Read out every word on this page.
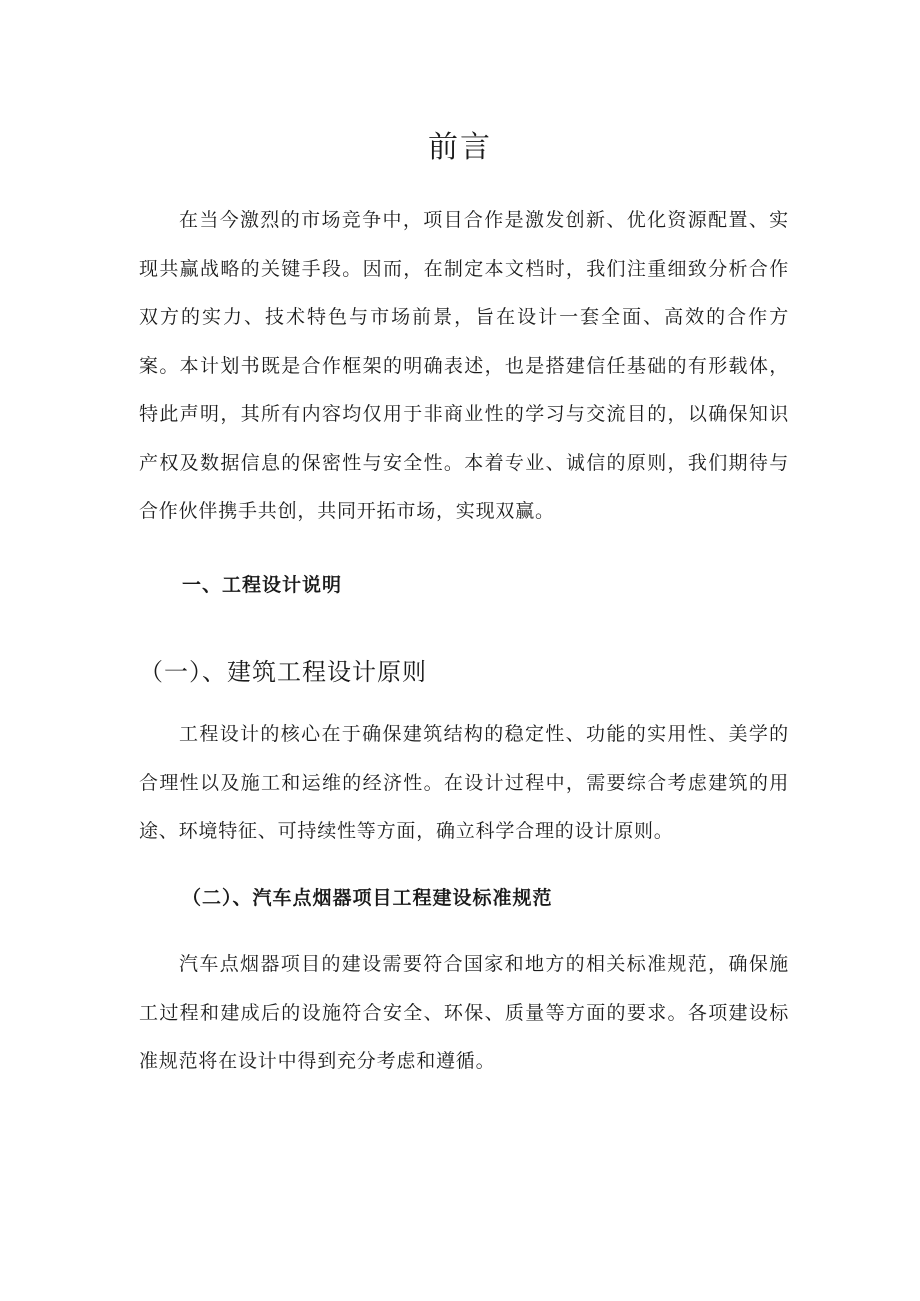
前言
在当今激烈的市场竞争中，项目合作是激发创新、优化资源配置、实现共赢战略的关键手段。因而，在制定本文档时，我们注重细致分析合作双方的实力、技术特色与市场前景，旨在设计一套全面、高效的合作方案。本计划书既是合作框架的明确表述，也是搭建信任基础的有形载体，特此声明，其所有内容均仅用于非商业性的学习与交流目的，以确保知识产权及数据信息的保密性与安全性。本着专业、诚信的原则，我们期待与合作伙伴携手共创，共同开拓市场，实现双赢。
一、工程设计说明
（一）、建筑工程设计原则
工程设计的核心在于确保建筑结构的稳定性、功能的实用性、美学的合理性以及施工和运维的经济性。在设计过程中，需要综合考虑建筑的用途、环境特征、可持续性等方面，确立科学合理的设计原则。
（二）、汽车点烟器项目工程建设标准规范
汽车点烟器项目的建设需要符合国家和地方的相关标准规范，确保施工过程和建成后的设施符合安全、环保、质量等方面的要求。各项建设标准规范将在设计中得到充分考虑和遵循。
